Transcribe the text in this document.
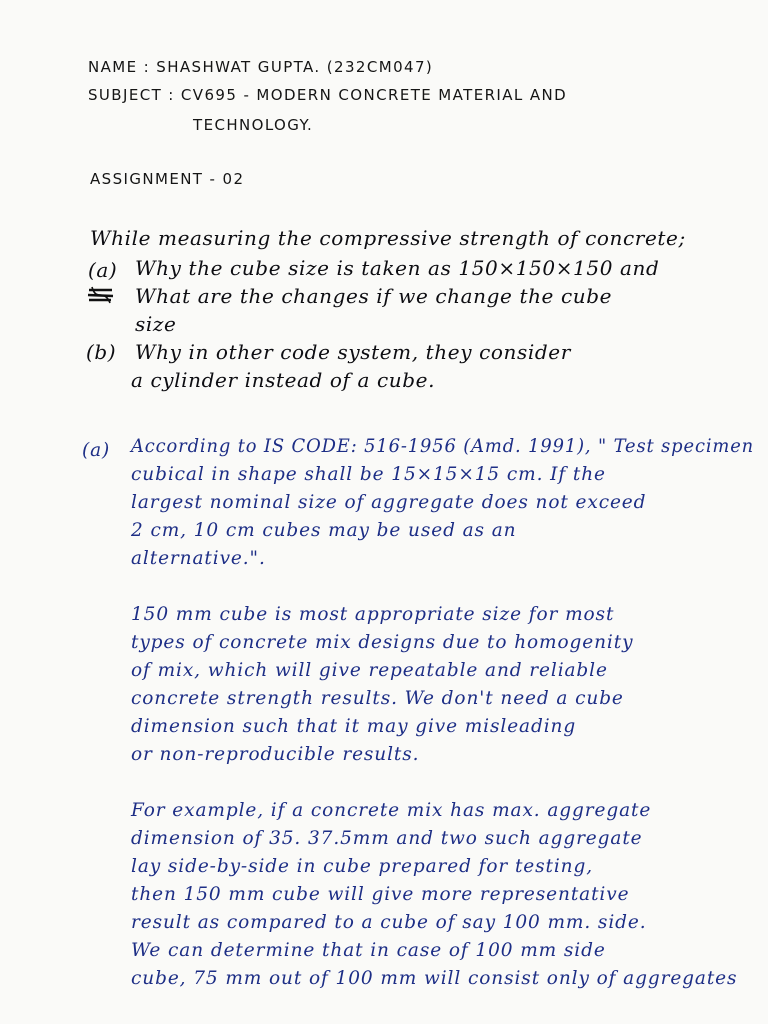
NAME : SHASHWAT GUPTA. (232CM047)
SUBJECT : CV695 - MODERN CONCRETE MATERIAL AND
TECHNOLOGY.
ASSIGNMENT - 02
While measuring the compressive strength of concrete;
(a) Why the cube size is taken as 150×150×150 and
What are the changes if we change the cube
size
(b) Why in other code system, they consider
a cylinder instead of a cube.
(a) According to IS CODE: 516-1956 (Amd. 1991), " Test specimen
cubical in shape shall be 15×15×15 cm. If the
largest nominal size of aggregate does not exceed
2 cm, 10 cm cubes may be used as an
alternative.".
150 mm cube is most appropriate size for most
types of concrete mix designs due to homogenity
of mix, which will give repeatable and reliable
concrete strength results. We don't need a cube
dimension such that it may give misleading
or non-reproducible results.
For example, if a concrete mix has max. aggregate
dimension of 35. 37.5mm and two such aggregate
lay side-by-side in cube prepared for testing,
then 150 mm cube will give more representative
result as compared to a cube of say 100 mm. side.
We can determine that in case of 100 mm side
cube, 75 mm out of 100 mm will consist only of aggregates
